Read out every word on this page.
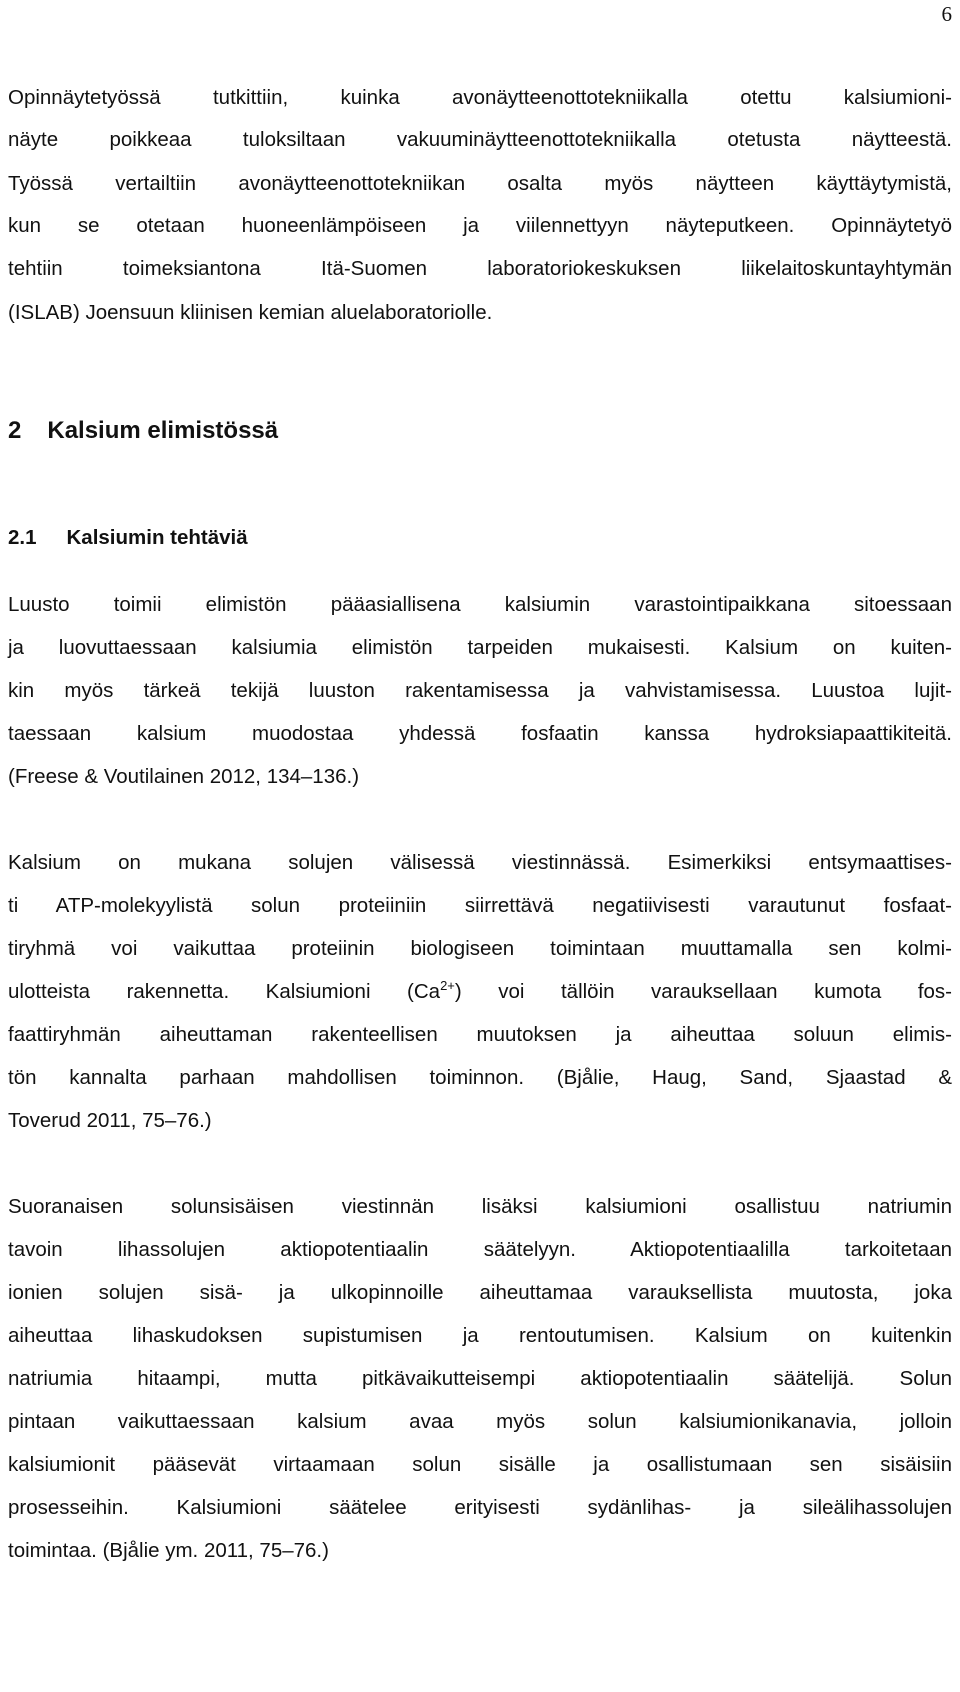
6
Opinnäytetyössä tutkittiin, kuinka avonäytteenottotekniikalla otettu kalsiumioni-
näyte poikkeaa tuloksiltaan vakuuminäytteenottotekniikalla otetusta näytteestä.
Työssä vertailtiin avonäytteenottotekniikan osalta myös näytteen käyttäytymistä,
kun se otetaan huoneenlämpöiseen ja viilennettyyn näyteputkeen. Opinnäytetyö
tehtiin toimeksiantona Itä-Suomen laboratoriokeskuksen liikelaitoskuntayhtymän
(ISLAB) Joensuun kliinisen kemian aluelaboratoriolle.
2 Kalsium elimistössä
2.1 Kalsiumin tehtäviä
Luusto toimii elimistön pääasiallisena kalsiumin varastointipaikkana sitoessaan
ja luovuttaessaan kalsiumia elimistön tarpeiden mukaisesti. Kalsium on kuiten-
kin myös tärkeä tekijä luuston rakentamisessa ja vahvistamisessa. Luustoa lujit-
taessaan kalsium muodostaa yhdessä fosfaatin kanssa hydroksiapaattikiteitä.
(Freese & Voutilainen 2012, 134–136.)
Kalsium on mukana solujen välisessä viestinnässä. Esimerkiksi entsymaattises-
ti ATP-molekyylistä solun proteiiniin siirrettävä negatiivisesti varautunut fosfaat-
tiryhmä voi vaikuttaa proteiinin biologiseen toimintaan muuttamalla sen kolmi-
ulotteista rakennetta. Kalsiumioni $(Ca^{2+})$ voi tällöin varauksellaan kumota fos-
faattiryhmän aiheuttaman rakenteellisen muutoksen ja aiheuttaa soluun elimis-
tön kannalta parhaan mahdollisen toiminnon. (Bjålie, Haug, Sand, Sjaastad &
Toverud 2011, 75–76.)
Suoranaisen solunsisäisen viestinnän lisäksi kalsiumioni osallistuu natriumin
tavoin lihassolujen aktiopotentiaalin säätelyyn. Aktiopotentiaalilla tarkoitetaan
ionien solujen sisä- ja ulkopinnoille aiheuttamaa varauksellista muutosta, joka
aiheuttaa lihaskudoksen supistumisen ja rentoutumisen. Kalsium on kuitenkin
natriumia hitaampi, mutta pitkävaikutteisempi aktiopotentiaalin säätelijä. Solun
pintaan vaikuttaessaan kalsium avaa myös solun kalsiumionikanavia, jolloin
kalsiumionit pääsevät virtaamaan solun sisälle ja osallistumaan sen sisäisiin
prosesseihin. Kalsiumioni säätelee erityisesti sydänlihas- ja sileälihassolujen
toimintaa. (Bjålie ym. 2011, 75–76.)
